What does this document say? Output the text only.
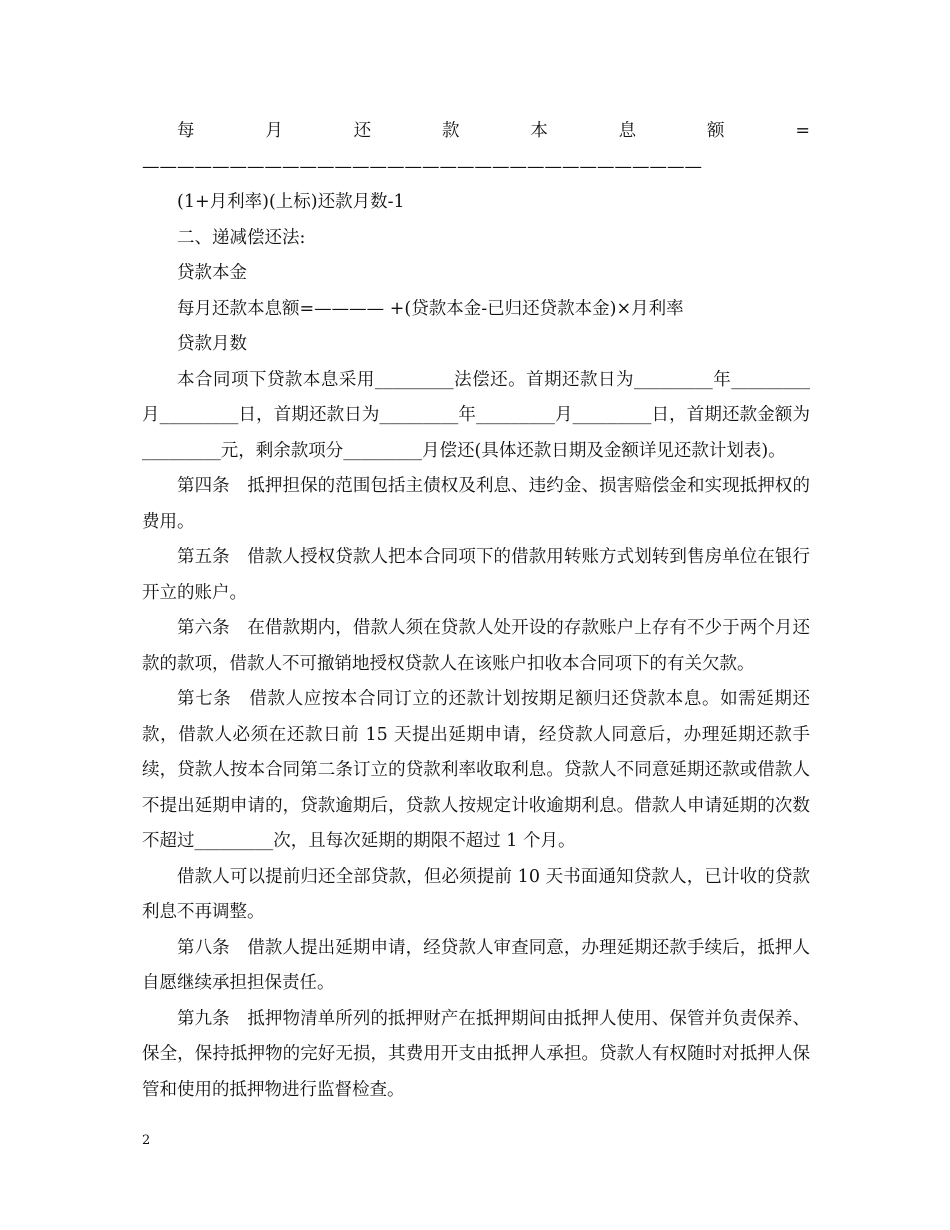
每月还款本息额=————————————————————————————————

(1+月利率)(上标)还款月数-1

二、递减偿还法:

贷款本金

每月还款本息额=———— +(贷款本金-已归还贷款本金)×月利率

贷款月数

本合同项下贷款本息采用_________法偿还。首期还款日为_________年_________月_________日，首期还款日为_________年_________月_________日，首期还款金额为_________元，剩余款项分_________月偿还(具体还款日期及金额详见还款计划表)。

第四条　抵押担保的范围包括主债权及利息、违约金、损害赔偿金和实现抵押权的费用。

第五条　借款人授权贷款人把本合同项下的借款用转账方式划转到售房单位在银行开立的账户。

第六条　在借款期内，借款人须在贷款人处开设的存款账户上存有不少于两个月还款的款项，借款人不可撤销地授权贷款人在该账户扣收本合同项下的有关欠款。

第七条　借款人应按本合同订立的还款计划按期足额归还贷款本息。如需延期还款，借款人必须在还款日前 15 天提出延期申请，经贷款人同意后，办理延期还款手续，贷款人按本合同第二条订立的贷款利率收取利息。贷款人不同意延期还款或借款人不提出延期申请的，贷款逾期后，贷款人按规定计收逾期利息。借款人申请延期的次数不超过_________次，且每次延期的期限不超过 1 个月。

借款人可以提前归还全部贷款，但必须提前 10 天书面通知贷款人，已计收的贷款利息不再调整。

第八条　借款人提出延期申请，经贷款人审查同意，办理延期还款手续后，抵押人自愿继续承担担保责任。

第九条　抵押物清单所列的抵押财产在抵押期间由抵押人使用、保管并负责保养、保全，保持抵押物的完好无损，其费用开支由抵押人承担。贷款人有权随时对抵押人保管和使用的抵押物进行监督检查。

2
